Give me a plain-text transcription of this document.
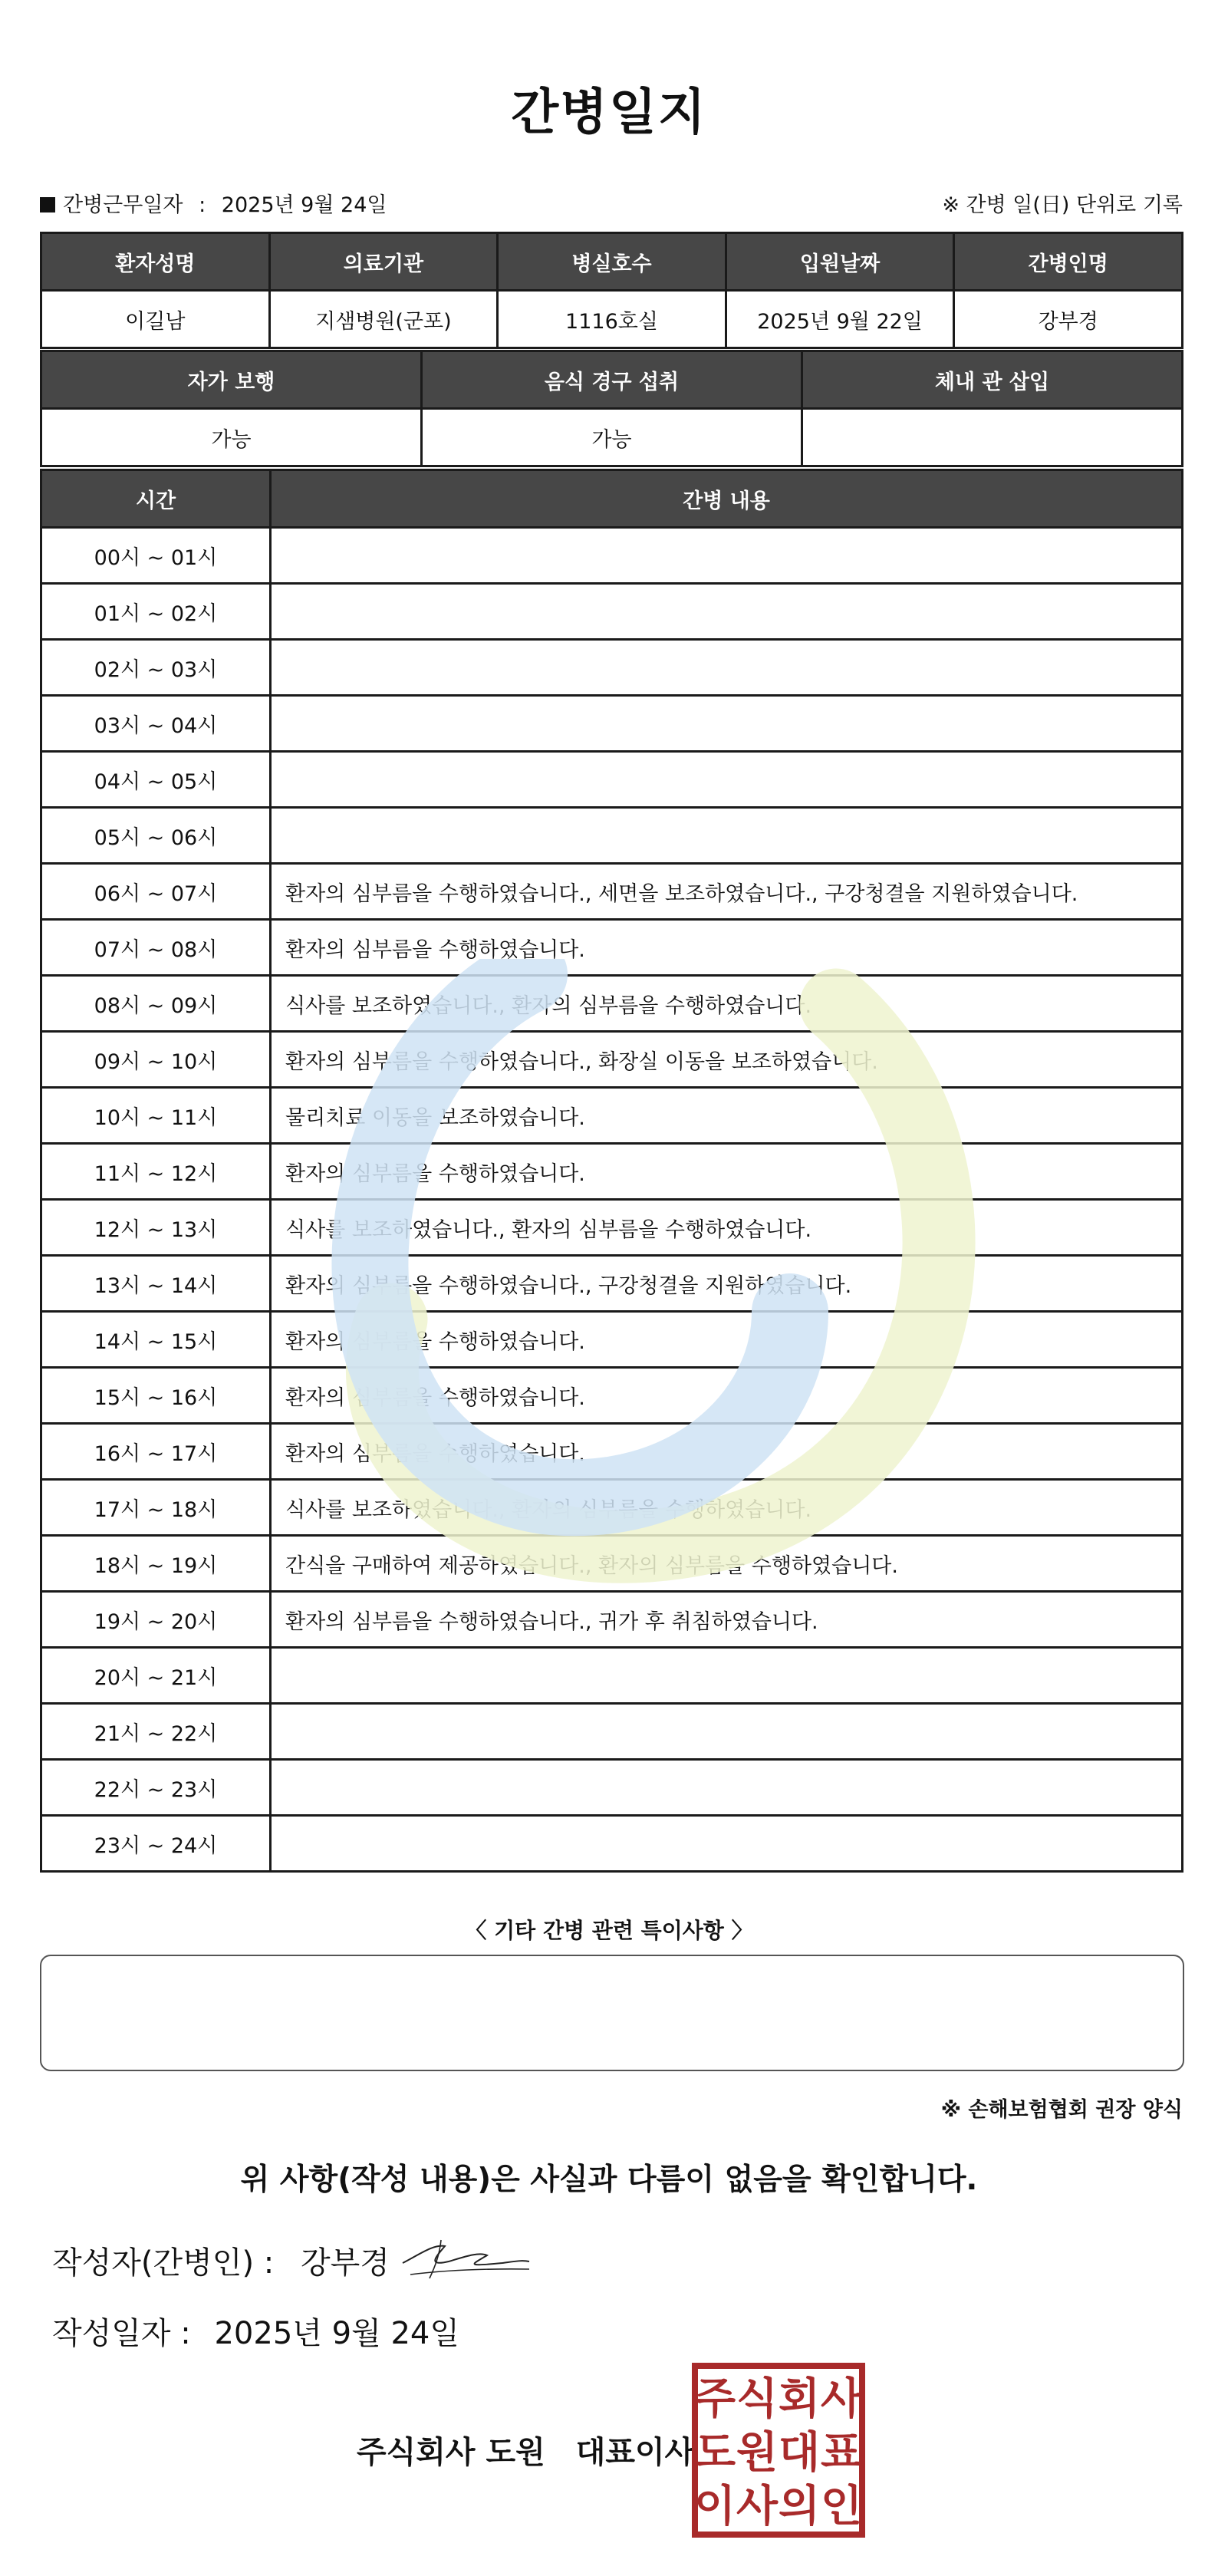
간병일지
간병근무일자 : 2025년 9월 24일	※ 간병 일(日) 단위로 기록
환자성명	의료기관	병실호수	입원날짜	간병인명
이길남	지샘병원(군포)	1116호실	2025년 9월 22일	강부경
자가 보행	음식 경구 섭취	체내 관 삽입
가능	가능	
시간	간병 내용
00시 ~ 01시	
01시 ~ 02시	
02시 ~ 03시	
03시 ~ 04시	
04시 ~ 05시	
05시 ~ 06시	
06시 ~ 07시	환자의 심부름을 수행하였습니다., 세면을 보조하였습니다., 구강청결을 지원하였습니다.
07시 ~ 08시	환자의 심부름을 수행하였습니다.
08시 ~ 09시	식사를 보조하였습니다., 환자의 심부름을 수행하였습니다.
09시 ~ 10시	환자의 심부름을 수행하였습니다., 화장실 이동을 보조하였습니다.
10시 ~ 11시	물리치료 이동을 보조하였습니다.
11시 ~ 12시	환자의 심부름을 수행하였습니다.
12시 ~ 13시	식사를 보조하였습니다., 환자의 심부름을 수행하였습니다.
13시 ~ 14시	환자의 심부름을 수행하였습니다., 구강청결을 지원하였습니다.
14시 ~ 15시	환자의 심부름을 수행하였습니다.
15시 ~ 16시	환자의 심부름을 수행하였습니다.
16시 ~ 17시	환자의 심부름을 수행하였습니다.
17시 ~ 18시	식사를 보조하였습니다., 환자의 심부름을 수행하였습니다.
18시 ~ 19시	간식을 구매하여 제공하였습니다., 환자의 심부름을 수행하였습니다.
19시 ~ 20시	환자의 심부름을 수행하였습니다., 귀가 후 취침하였습니다.
20시 ~ 21시	
21시 ~ 22시	
22시 ~ 23시	
23시 ~ 24시	
〈 기타 간병 관련 특이사항 〉
※ 손해보험협회 권장 양식
위 사항(작성 내용)은 사실과 다름이 없음을 확인합니다.
작성자(간병인) : 강부경
작성일자 : 2025년 9월 24일
주식회사 도원 대표이사
주 식 회 사
도 원 대 표
이 사 의 인
